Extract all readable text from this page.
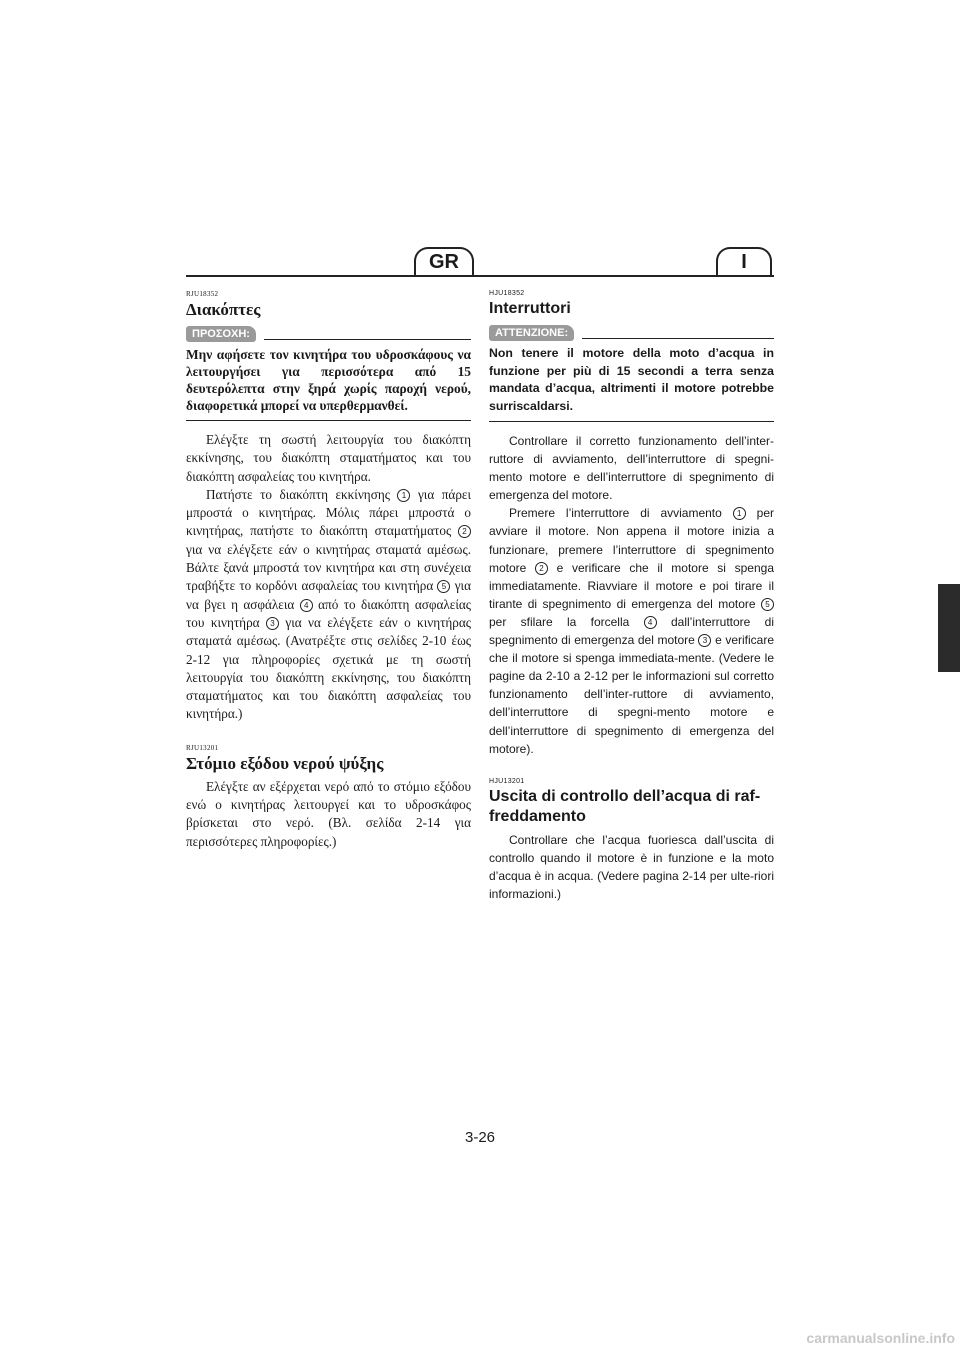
GR	I
RJU18352
Διακόπτες
ΠΡΟΣΟΧΗ:
Μην αφήσετε τον κινητήρα του υδροσκάφους να λειτουργήσει για περισσότερα από 15 δευτερόλεπτα στην ξηρά χωρίς παροχή νερού, διαφορετικά μπορεί να υπερθερμανθεί.

Ελέγξτε τη σωστή λειτουργία του διακόπτη εκκίνησης, του διακόπτη σταματήματος και του διακόπτη ασφαλείας του κινητήρα.

Πατήστε το διακόπτη εκκίνησης 1 για πάρει μπροστά ο κινητήρας. Μόλις πάρει μπροστά ο κινητήρας, πατήστε το διακόπτη σταματήματος 2 για να ελέγξετε εάν ο κινητήρας σταματά αμέσως. Βάλτε ξανά μπροστά τον κινητήρα και στη συνέχεια τραβήξτε το κορδόνι ασφαλείας του κινητήρα 5 για να βγει η ασφάλεια 4 από το διακόπτη ασφαλείας του κινητήρα 3 για να ελέγξετε εάν ο κινητήρας σταματά αμέσως. (Ανατρέξτε στις σελίδες 2-10 έως 2-12 για πληροφορίες σχετικά με τη σωστή λειτουργία του διακόπτη εκκίνησης, του διακόπτη σταματήματος και του διακόπτη ασφαλείας του κινητήρα.)

RJU13201
Στόμιο εξόδου νερού ψύξης

Ελέγξτε αν εξέρχεται νερό από το στόμιο εξόδου ενώ ο κινητήρας λειτουργεί και το υδροσκάφος βρίσκεται στο νερό. (Βλ. σελίδα 2-14 για περισσότερες πληροφορίες.)

HJU18352
Interruttori
ATTENZIONE:
Non tenere il motore della moto d’acqua in funzione per più di 15 secondi a terra senza mandata d’acqua, altrimenti il motore potrebbe surriscaldarsi.

Controllare il corretto funzionamento dell’inter-ruttore di avviamento, dell’interruttore di spegni-mento motore e dell’interruttore di spegnimento di emergenza del motore.

Premere l’interruttore di avviamento 1 per avviare il motore. Non appena il motore inizia a funzionare, premere l’interruttore di spegnimento motore 2 e verificare che il motore si spenga immediatamente. Riavviare il motore e poi tirare il tirante di spegnimento di emergenza del motore 5 per sfilare la forcella 4 dall’interruttore di spegnimento di emergenza del motore 3 e verificare che il motore si spenga immediata-mente. (Vedere le pagine da 2-10 a 2-12 per le informazioni sul corretto funzionamento dell’inter-ruttore di avviamento, dell’interruttore di spegni-mento motore e dell’interruttore di spegnimento di emergenza del motore).

HJU13201
Uscita di controllo dell’acqua di raf-freddamento

Controllare che l’acqua fuoriesca dall’uscita di controllo quando il motore è in funzione e la moto d’acqua è in acqua. (Vedere pagina 2-14 per ulte-riori informazioni.)

3-26
carmanualsonline.info
